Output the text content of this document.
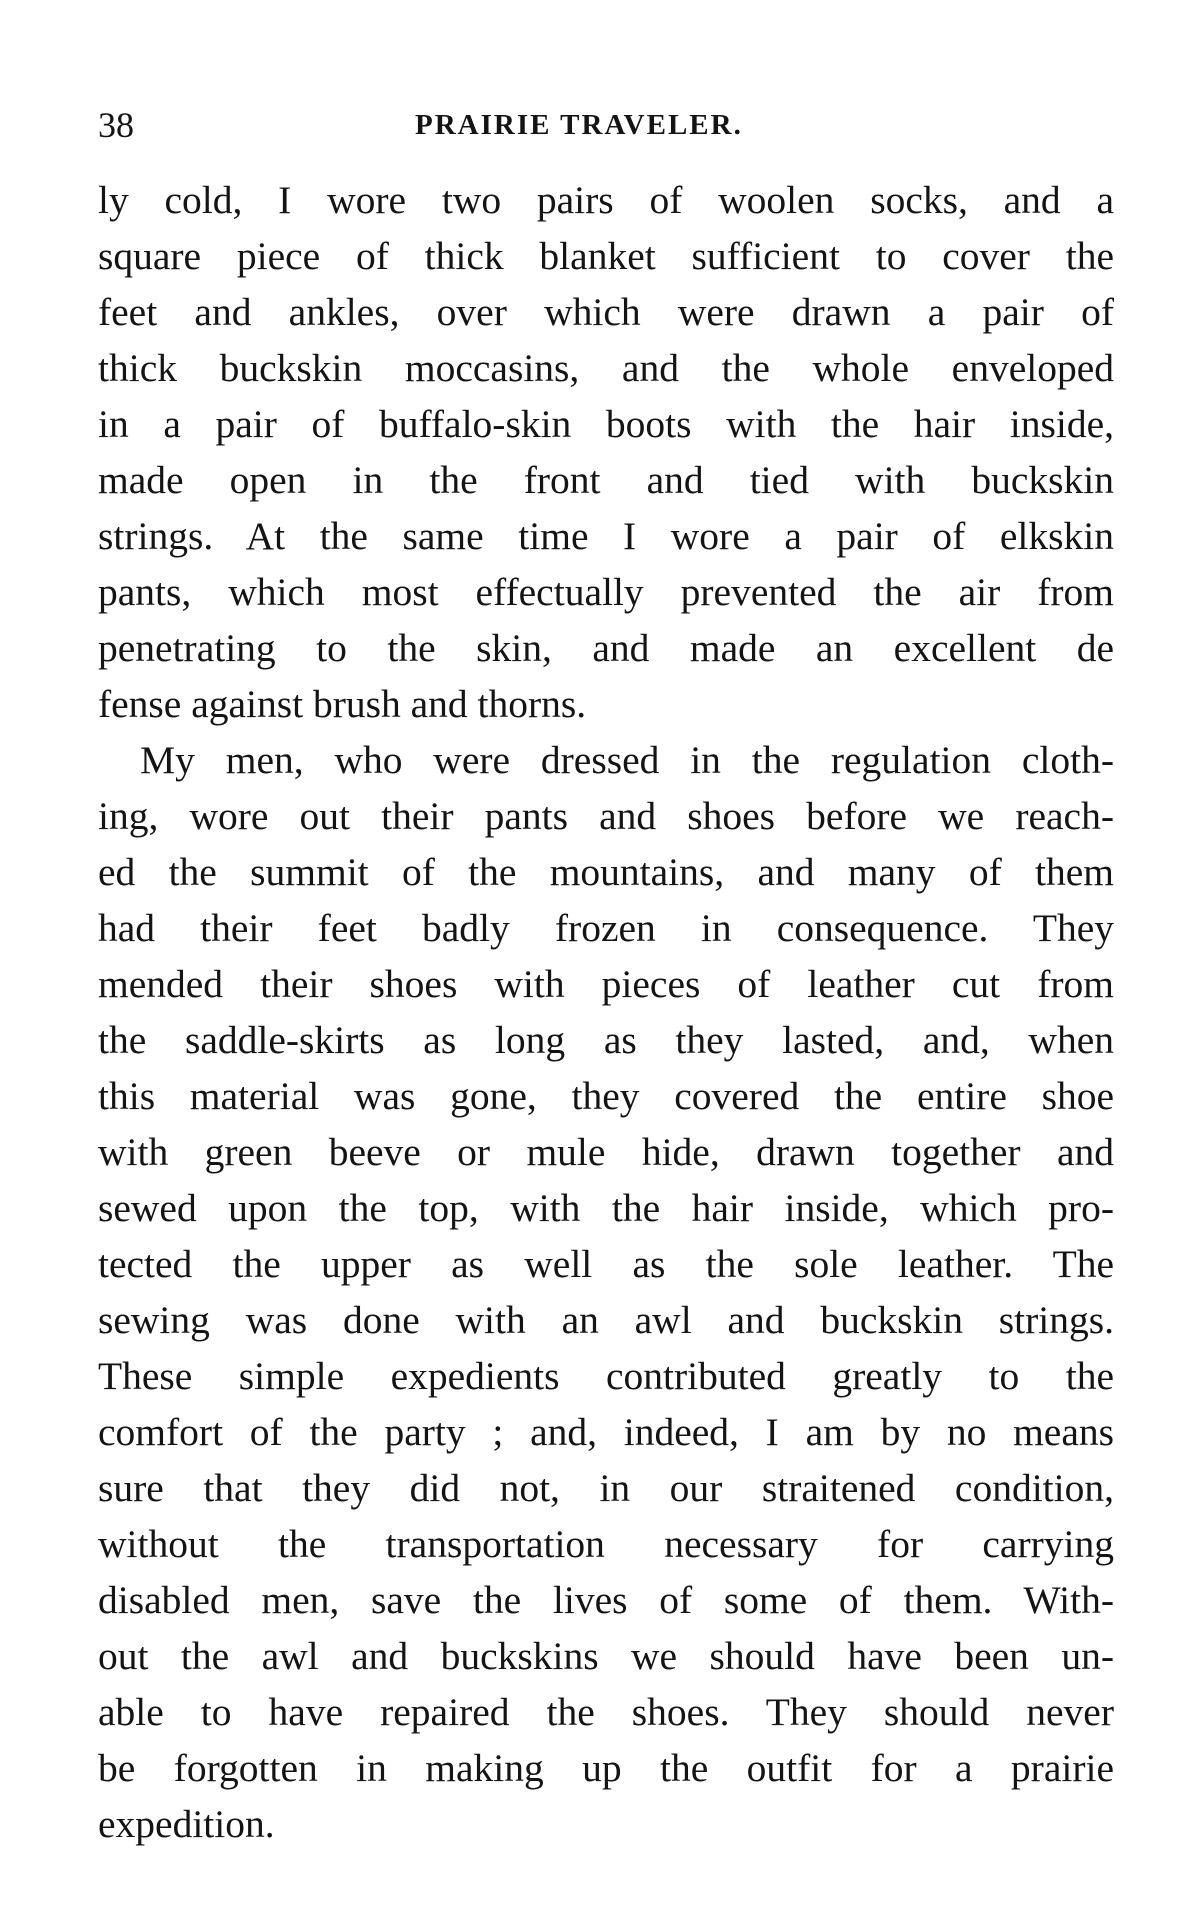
38	PRAIRIE TRAVELER.
ly cold, I wore two pairs of woolen socks, and a
square piece of thick blanket sufficient to cover the
feet and ankles, over which were drawn a pair of
thick buckskin moccasins, and the whole enveloped
in a pair of buffalo-skin boots with the hair inside,
made open in the front and tied with buckskin
strings. At the same time I wore a pair of elkskin
pants, which most effectually prevented the air from
penetrating to the skin, and made an excellent de
fense against brush and thorns.
My men, who were dressed in the regulation cloth-
ing, wore out their pants and shoes before we reach-
ed the summit of the mountains, and many of them
had their feet badly frozen in consequence. They
mended their shoes with pieces of leather cut from
the saddle-skirts as long as they lasted, and, when
this material was gone, they covered the entire shoe
with green beeve or mule hide, drawn together and
sewed upon the top, with the hair inside, which pro-
tected the upper as well as the sole leather. The
sewing was done with an awl and buckskin strings.
These simple expedients contributed greatly to the
comfort of the party ; and, indeed, I am by no means
sure that they did not, in our straitened condition,
without the transportation necessary for carrying
disabled men, save the lives of some of them. With-
out the awl and buckskins we should have been un-
able to have repaired the shoes. They should never
be forgotten in making up the outfit for a prairie
expedition.
